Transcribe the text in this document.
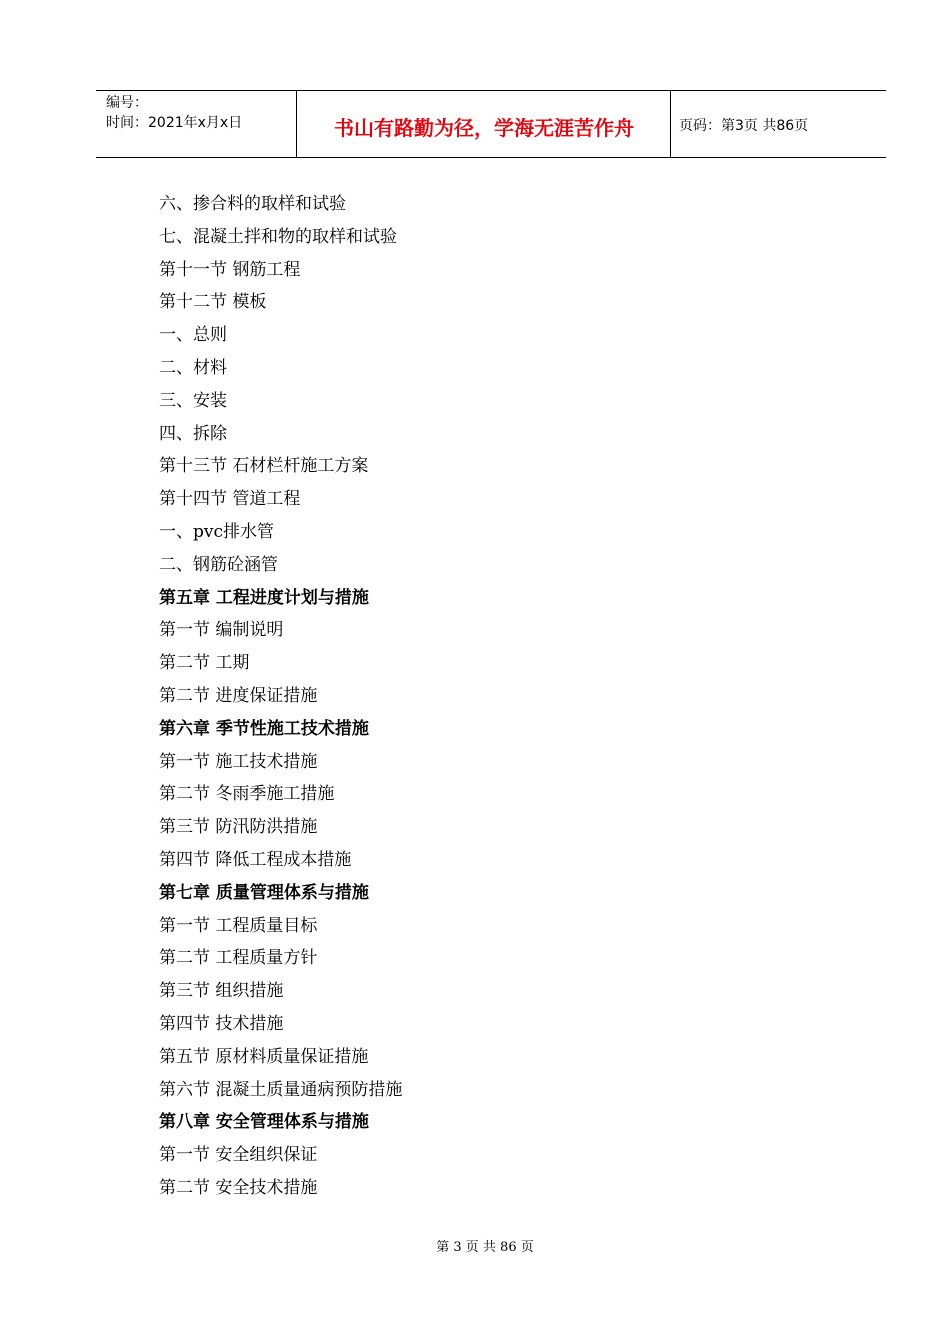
编号：
时间：2021年x月x日	书山有路勤为径，学海无涯苦作舟	页码：第3页 共86页
六、掺合料的取样和试验
七、混凝土拌和物的取样和试验
第十一节 钢筋工程
第十二节 模板
一、总则
二、材料
三、安装
四、拆除
第十三节 石材栏杆施工方案
第十四节 管道工程
一、pvc排水管
二、钢筋砼涵管
第五章 工程进度计划与措施
第一节 编制说明
第二节 工期
第二节 进度保证措施
第六章 季节性施工技术措施
第一节 施工技术措施
第二节 冬雨季施工措施
第三节 防汛防洪措施
第四节 降低工程成本措施
第七章 质量管理体系与措施
第一节 工程质量目标
第二节 工程质量方针
第三节 组织措施
第四节 技术措施
第五节 原材料质量保证措施
第六节 混凝土质量通病预防措施
第八章 安全管理体系与措施
第一节 安全组织保证
第二节 安全技术措施
第 3 页 共 86 页
